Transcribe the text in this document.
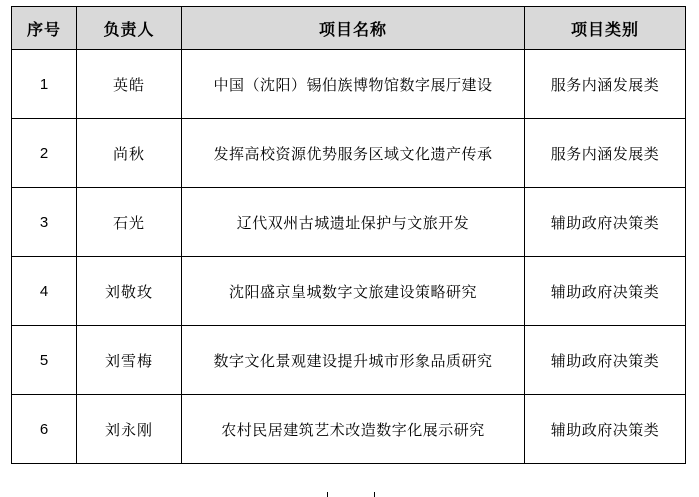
序号	负责人	项目名称	项目类别
1	英皓	中国（沈阳）锡伯族博物馆数字展厅建设	服务内涵发展类
2	尚秋	发挥高校资源优势服务区域文化遗产传承	服务内涵发展类
3	石光	辽代双州古城遗址保护与文旅开发	辅助政府决策类
4	刘敬玫	沈阳盛京皇城数字文旅建设策略研究	辅助政府决策类
5	刘雪梅	数字文化景观建设提升城市形象品质研究	辅助政府决策类
6	刘永刚	农村民居建筑艺术改造数字化展示研究	辅助政府决策类
